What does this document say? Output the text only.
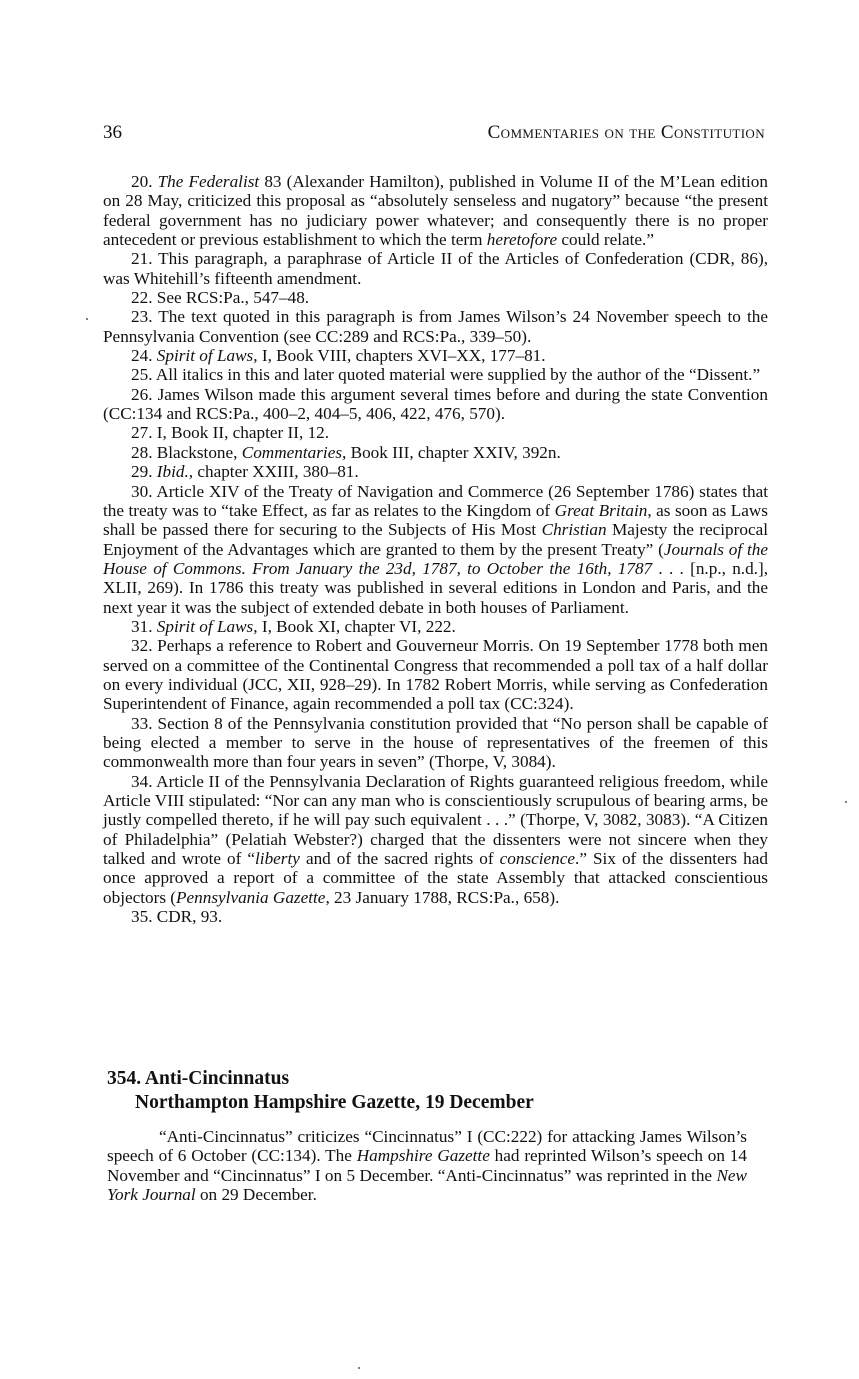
36	Commentaries on the Constitution

20. The Federalist 83 (Alexander Hamilton), published in Volume II of the M’Lean edition on 28 May, criticized this proposal as “absolutely senseless and nugatory” because “the present federal government has no judiciary power whatever; and consequently there is no proper antecedent or previous establishment to which the term heretofore could relate.”

21. This paragraph, a paraphrase of Article II of the Articles of Confederation (CDR, 86), was Whitehill’s fifteenth amendment.

22. See RCS:Pa., 547–48.

23. The text quoted in this paragraph is from James Wilson’s 24 November speech to the Pennsylvania Convention (see CC:289 and RCS:Pa., 339–50).

24. Spirit of Laws, I, Book VIII, chapters XVI–XX, 177–81.

25. All italics in this and later quoted material were supplied by the author of the “Dissent.”

26. James Wilson made this argument several times before and during the state Convention (CC:134 and RCS:Pa., 400–2, 404–5, 406, 422, 476, 570).

27. I, Book II, chapter II, 12.

28. Blackstone, Commentaries, Book III, chapter XXIV, 392n.

29. Ibid., chapter XXIII, 380–81.

30. Article XIV of the Treaty of Navigation and Commerce (26 September 1786) states that the treaty was to “take Effect, as far as relates to the Kingdom of Great Britain, as soon as Laws shall be passed there for securing to the Subjects of His Most Christian Majesty the reciprocal Enjoyment of the Advantages which are granted to them by the present Treaty” (Journals of the House of Commons. From January the 23d, 1787, to October the 16th, 1787 . . . [n.p., n.d.], XLII, 269). In 1786 this treaty was published in several editions in London and Paris, and the next year it was the subject of extended debate in both houses of Parliament.

31. Spirit of Laws, I, Book XI, chapter VI, 222.

32. Perhaps a reference to Robert and Gouverneur Morris. On 19 September 1778 both men served on a committee of the Continental Congress that recommended a poll tax of a half dollar on every individual (JCC, XII, 928–29). In 1782 Robert Morris, while serving as Confederation Superintendent of Finance, again recommended a poll tax (CC:324).

33. Section 8 of the Pennsylvania constitution provided that “No person shall be capable of being elected a member to serve in the house of representatives of the freemen of this commonwealth more than four years in seven” (Thorpe, V, 3084).

34. Article II of the Pennsylvania Declaration of Rights guaranteed religious freedom, while Article VIII stipulated: “Nor can any man who is conscientiously scrupulous of bearing arms, be justly compelled thereto, if he will pay such equivalent . . .” (Thorpe, V, 3082, 3083). “A Citizen of Philadelphia” (Pelatiah Webster?) charged that the dissenters were not sincere when they talked and wrote of “liberty and of the sacred rights of conscience.” Six of the dissenters had once approved a report of a committee of the state Assembly that attacked conscientious objectors (Pennsylvania Gazette, 23 January 1788, RCS:Pa., 658).

35. CDR, 93.

354. Anti-Cincinnatus

Northampton Hampshire Gazette, 19 December

“Anti-Cincinnatus” criticizes “Cincinnatus” I (CC:222) for attacking James Wilson’s speech of 6 October (CC:134). The Hampshire Gazette had reprinted Wilson’s speech on 14 November and “Cincinnatus” I on 5 December. “Anti-Cincinnatus” was reprinted in the New York Journal on 29 December.
